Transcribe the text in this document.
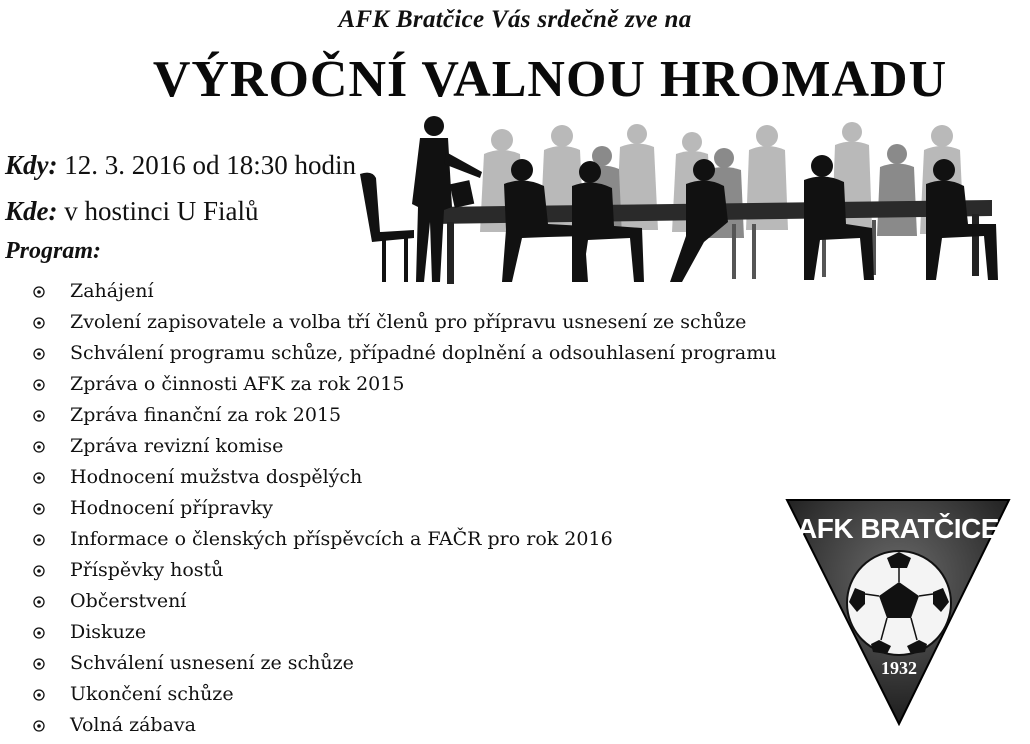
AFK Bratčice Vás srdečně zve na
VÝROČNÍ VALNOU HROMADU
Kdy: 12. 3. 2016 od 18:30 hodin
Kde: v hostinci U Fialů
Program:
Zahájení
Zvolení zapisovatele a volba tří členů pro přípravu usnesení ze schůze
Schválení programu schůze, případné doplnění a odsouhlasení programu
Zpráva o činnosti AFK za rok 2015
Zpráva finanční za rok 2015
Zpráva revizní komise
Hodnocení mužstva dospělých
Hodnocení přípravky
Informace o členských příspěvcích a FAČR pro rok 2016
Příspěvky hostů
Občerstvení
Diskuze
Schválení usnesení ze schůze
Ukončení schůze
Volná zábava
AFK BRATČICE
1932
